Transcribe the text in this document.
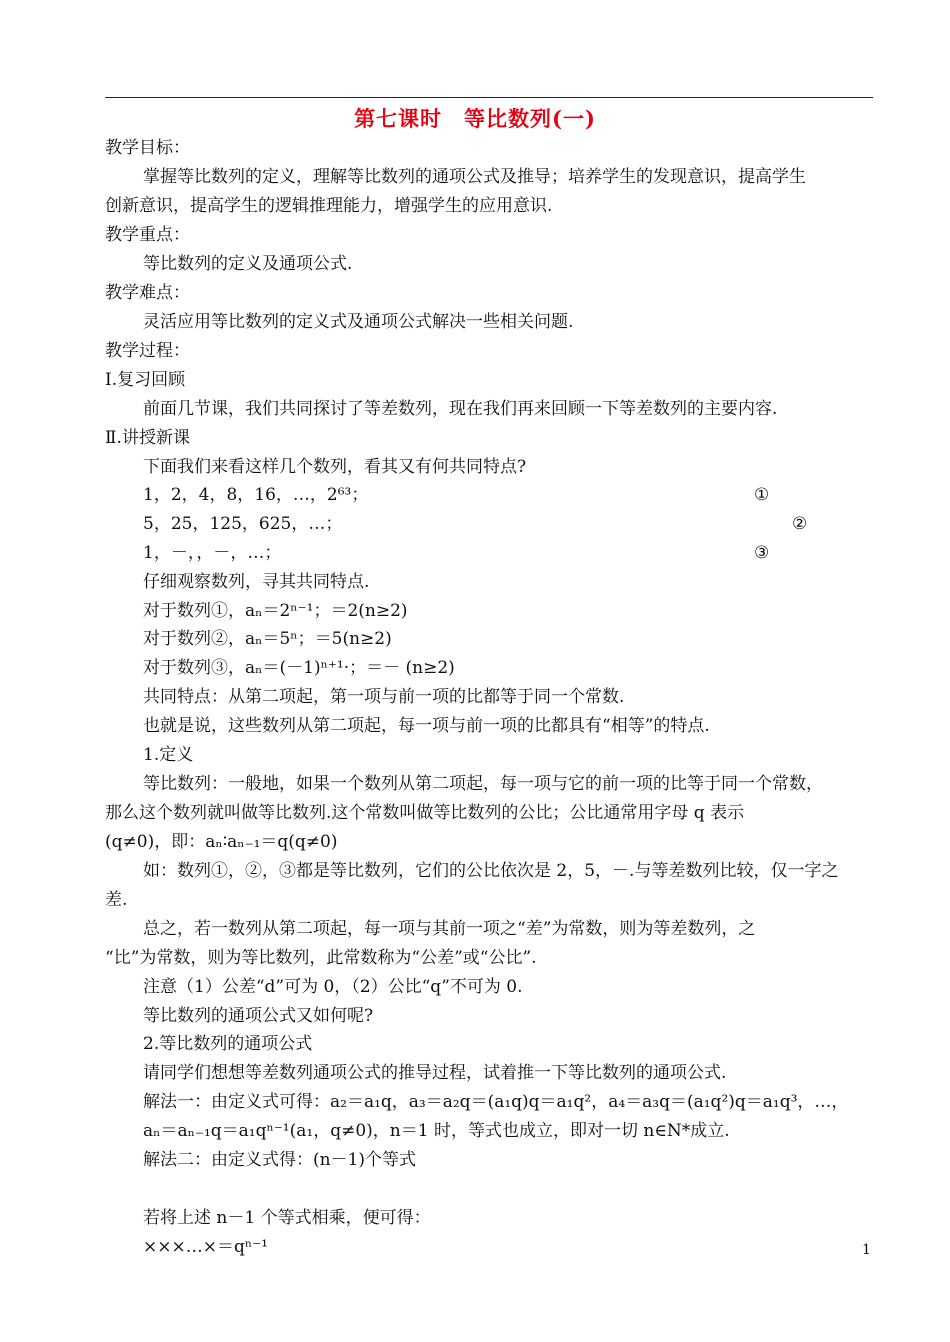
第七课时　等比数列(一)
教学目标：
掌握等比数列的定义，理解等比数列的通项公式及推导；培养学生的发现意识，提高学生
创新意识，提高学生的逻辑推理能力，增强学生的应用意识.
教学重点：
等比数列的定义及通项公式.
教学难点：
灵活应用等比数列的定义式及通项公式解决一些相关问题.
教学过程：
Ⅰ.复习回顾
前面几节课，我们共同探讨了等差数列，现在我们再来回顾一下等差数列的主要内容.
Ⅱ.讲授新课
下面我们来看这样几个数列，看其又有何共同特点?
1，2，4，8，16，…，2⁶³；
5，25，125，625，…；
1，－，，－，…；
仔细观察数列，寻其共同特点.
对于数列①，aₙ＝2ⁿ⁻¹；＝2(n≥2)
对于数列②，aₙ＝5ⁿ；＝5(n≥2)
对于数列③，aₙ＝(－1)ⁿ⁺¹·；＝－ (n≥2)
共同特点：从第二项起，第一项与前一项的比都等于同一个常数.
也就是说，这些数列从第二项起，每一项与前一项的比都具有“相等”的特点.
1.定义
等比数列：一般地，如果一个数列从第二项起，每一项与它的前一项的比等于同一个常数，
那么这个数列就叫做等比数列.这个常数叫做等比数列的公比；公比通常用字母 q 表示
(q≠0)，即：aₙ∶aₙ₋₁＝q(q≠0)
如：数列①，②，③都是等比数列，它们的公比依次是 2，5，－.与等差数列比较，仅一字之
差.
总之，若一数列从第二项起，每一项与其前一项之“差”为常数，则为等差数列，之
“比”为常数，则为等比数列，此常数称为“公差”或“公比”.
注意（1）公差“d”可为 0，（2）公比“q”不可为 0.
等比数列的通项公式又如何呢?
2.等比数列的通项公式
请同学们想想等差数列通项公式的推导过程，试着推一下等比数列的通项公式.
解法一：由定义式可得：a₂＝a₁q，a₃＝a₂q＝(a₁q)q＝a₁q²，a₄＝a₃q＝(a₁q²)q＝a₁q³，…，
aₙ＝aₙ₋₁q＝a₁qⁿ⁻¹(a₁，q≠0)，n＝1 时，等式也成立，即对一切 n∈N*成立.
解法二：由定义式得：(n－1)个等式
若将上述 n－1 个等式相乘，便可得：
×××…×＝qⁿ⁻¹
①
②
③
1
